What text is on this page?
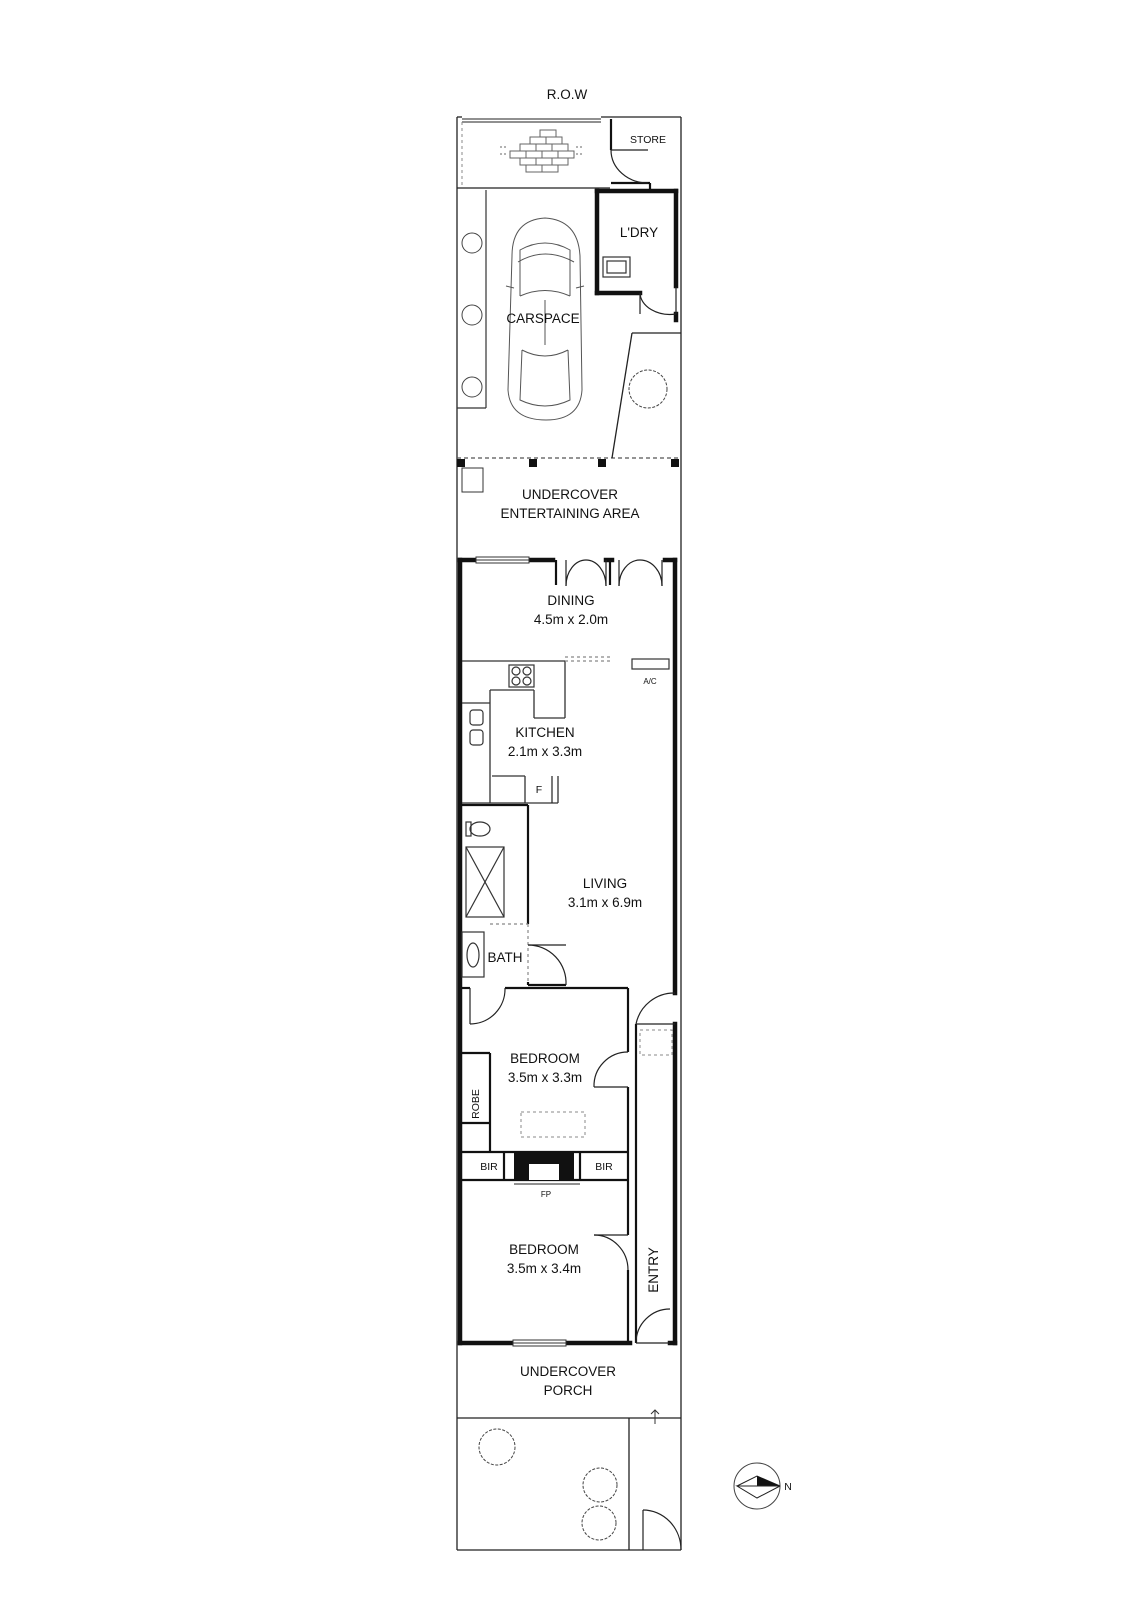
R.O.W
STORE
L'DRY
CARSPACE
UNDERCOVER
ENTERTAINING AREA
DINING
4.5m x 2.0m
A/C
KITCHEN
2.1m x 3.3m
F
LIVING
3.1m x 6.9m
BATH
BEDROOM
3.5m x 3.3m
ROBE
BIR	BIR
FP
BEDROOM
3.5m x 3.4m	ENTRY
UNDERCOVER
PORCH
N
